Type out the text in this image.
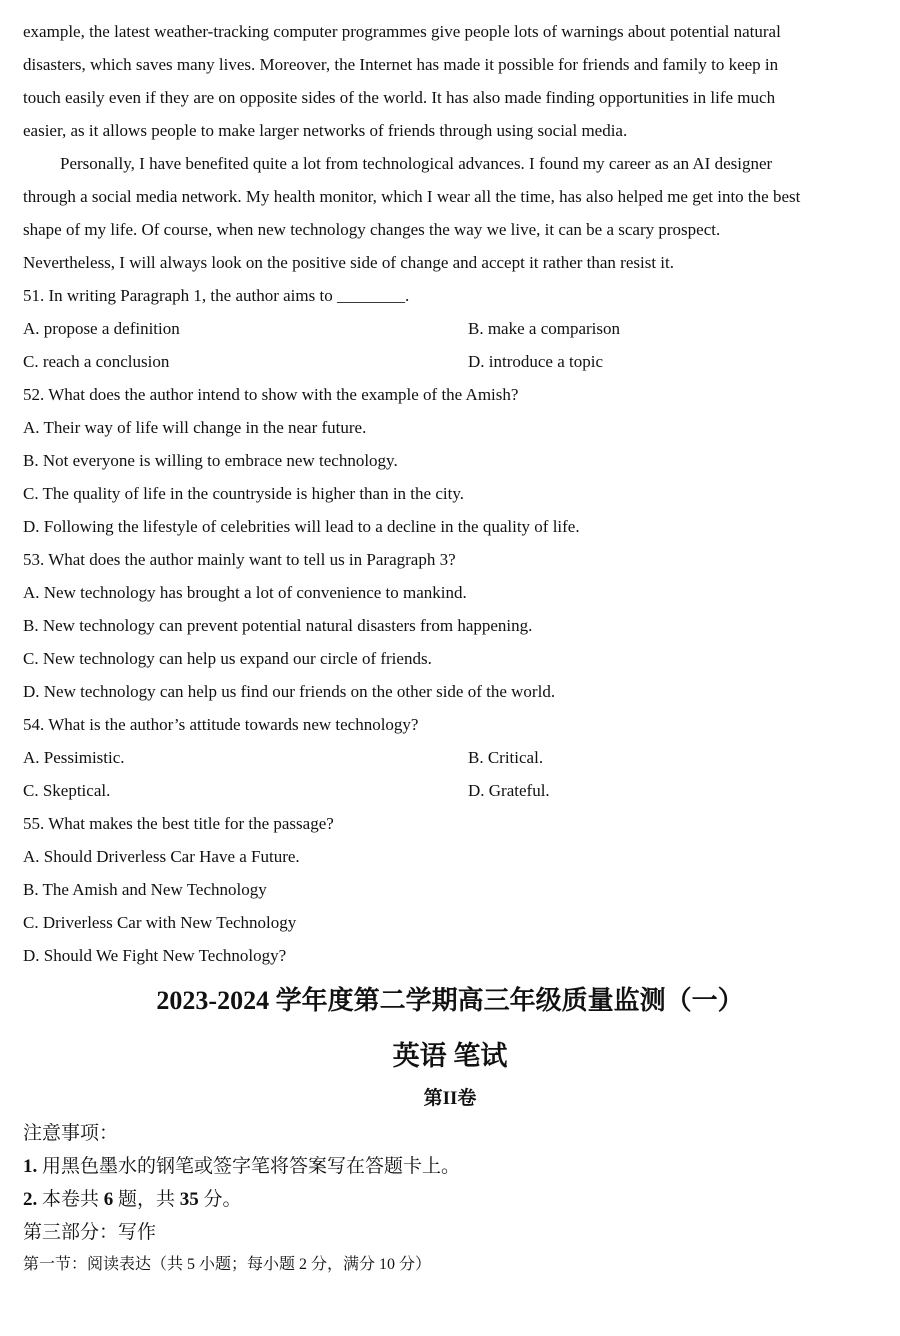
example, the latest weather-tracking computer programmes give people lots of warnings about potential natural

disasters, which saves many lives. Moreover, the Internet has made it possible for friends and family to keep in

touch easily even if they are on opposite sides of the world. It has also made finding opportunities in life much

easier, as it allows people to make larger networks of friends through using social media.

Personally, I have benefited quite a lot from technological advances. I found my career as an AI designer

through a social media network. My health monitor, which I wear all the time, has also helped me get into the best

shape of my life. Of course, when new technology changes the way we live, it can be a scary prospect.

Nevertheless, I will always look on the positive side of change and accept it rather than resist it.

51. In writing Paragraph 1, the author aims to ________.
A. propose a definition	B. make a comparison
C. reach a conclusion	D. introduce a topic
52. What does the author intend to show with the example of the Amish?
A. Their way of life will change in the near future.
B. Not everyone is willing to embrace new technology.
C. The quality of life in the countryside is higher than in the city.
D. Following the lifestyle of celebrities will lead to a decline in the quality of life.
53. What does the author mainly want to tell us in Paragraph 3?
A. New technology has brought a lot of convenience to mankind.
B. New technology can prevent potential natural disasters from happening.
C. New technology can help us expand our circle of friends.
D. New technology can help us find our friends on the other side of the world.
54. What is the author’s attitude towards new technology?
A. Pessimistic.	B. Critical.
C. Skeptical.	D. Grateful.
55. What makes the best title for the passage?
A. Should Driverless Car Have a Future.
B. The Amish and New Technology
C. Driverless Car with New Technology
D. Should We Fight New Technology?
2023-2024 学年度第二学期高三年级质量监测（一）
英语 笔试
第II卷
注意事项：
1. 用黑色墨水的钢笔或签字笔将答案写在答题卡上。
2. 本卷共 6 题，共 35 分。
第三部分：写作
第一节：阅读表达（共 5 小题；每小题 2 分，满分 10 分）
